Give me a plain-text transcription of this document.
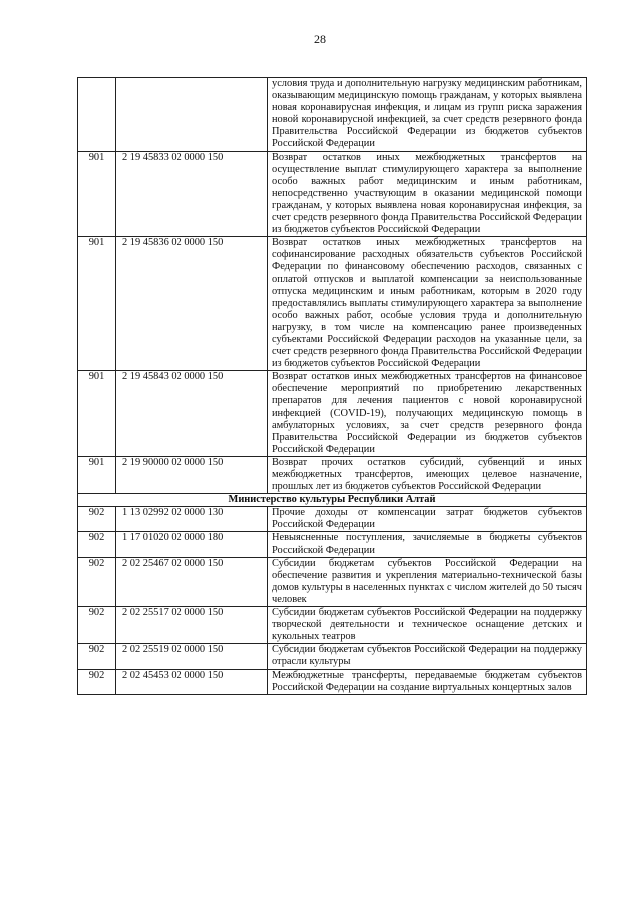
28
		условия труда и дополнительную нагрузку медицинским работникам, оказывающим медицинскую помощь гражданам, у которых выявлена новая коронавирусная инфекция, и лицам из групп риска заражения новой коронавирусной инфекцией, за счет средств резервного фонда Правительства Российской Федерации из бюджетов субъектов Российской Федерации
901	2 19 45833 02 0000 150	Возврат остатков иных межбюджетных трансфертов на осуществление выплат стимулирующего характера за выполнение особо важных работ медицинским и иным работникам, непосредственно участвующим в оказании медицинской помощи гражданам, у которых выявлена новая коронавирусная инфекция, за счет средств резервного фонда Правительства Российской Федерации из бюджетов субъектов Российской Федерации
901	2 19 45836 02 0000 150	Возврат остатков иных межбюджетных трансфертов на софинансирование расходных обязательств субъектов Российской Федерации по финансовому обеспечению расходов, связанных с оплатой отпусков и выплатой компенсации за неиспользованные отпуска медицинским и иным работникам, которым в 2020 году предоставлялись выплаты стимулирующего характера за выполнение особо важных работ, особые условия труда и дополнительную нагрузку, в том числе на компенсацию ранее произведенных субъектами Российской Федерации расходов на указанные цели, за счет средств резервного фонда Правительства Российской Федерации из бюджетов субъектов Российской Федерации
901	2 19 45843 02 0000 150	Возврат остатков иных межбюджетных трансфертов на финансовое обеспечение мероприятий по приобретению лекарственных препаратов для лечения пациентов с новой коронавирусной инфекцией (COVID-19), получающих медицинскую помощь в амбулаторных условиях, за счет средств резервного фонда Правительства Российской Федерации из бюджетов субъектов Российской Федерации
901	2 19 90000 02 0000 150	Возврат прочих остатков субсидий, субвенций и иных межбюджетных трансфертов, имеющих целевое назначение, прошлых лет из бюджетов субъектов Российской Федерации
Министерство культуры Республики Алтай		
902	1 13 02992 02 0000 130	Прочие доходы от компенсации затрат бюджетов субъектов Российской Федерации
902	1 17 01020 02 0000 180	Невыясненные поступления, зачисляемые в бюджеты субъектов Российской Федерации
902	2 02 25467 02 0000 150	Субсидии бюджетам субъектов Российской Федерации на обеспечение развития и укрепления материально-технической базы домов культуры в населенных пунктах с числом жителей до 50 тысяч человек
902	2 02 25517 02 0000 150	Субсидии бюджетам субъектов Российской Федерации на поддержку творческой деятельности и техническое оснащение детских и кукольных театров
902	2 02 25519 02 0000 150	Субсидии бюджетам субъектов Российской Федерации на поддержку отрасли культуры
902	2 02 45453 02 0000 150	Межбюджетные трансферты, передаваемые бюджетам субъектов Российской Федерации на создание виртуальных концертных залов
